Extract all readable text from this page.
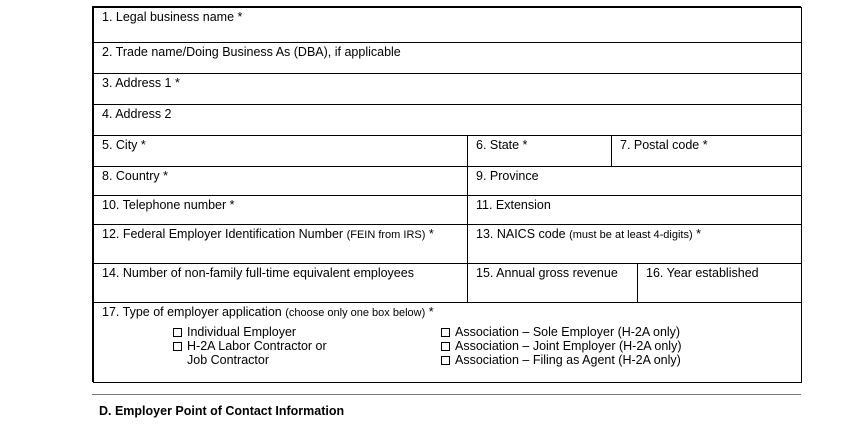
1. Legal business name *
2. Trade name/Doing Business As (DBA), if applicable
3. Address 1 *
4. Address 2
5. City *	6. State *	7. Postal code *
8. Country *	9. Province
10. Telephone number *	11. Extension
12. Federal Employer Identification Number (FEIN from IRS) *	13. NAICS code (must be at least 4-digits) *
14. Number of non-family full-time equivalent employees	15. Annual gross revenue 16. Year established
17. Type of employer application (choose only one box below) *
Individual Employer
H-2A Labor Contractor or
Job Contractor
Association – Sole Employer (H-2A only)
Association – Joint Employer (H-2A only)
Association – Filing as Agent (H-2A only)
D. Employer Point of Contact Information
